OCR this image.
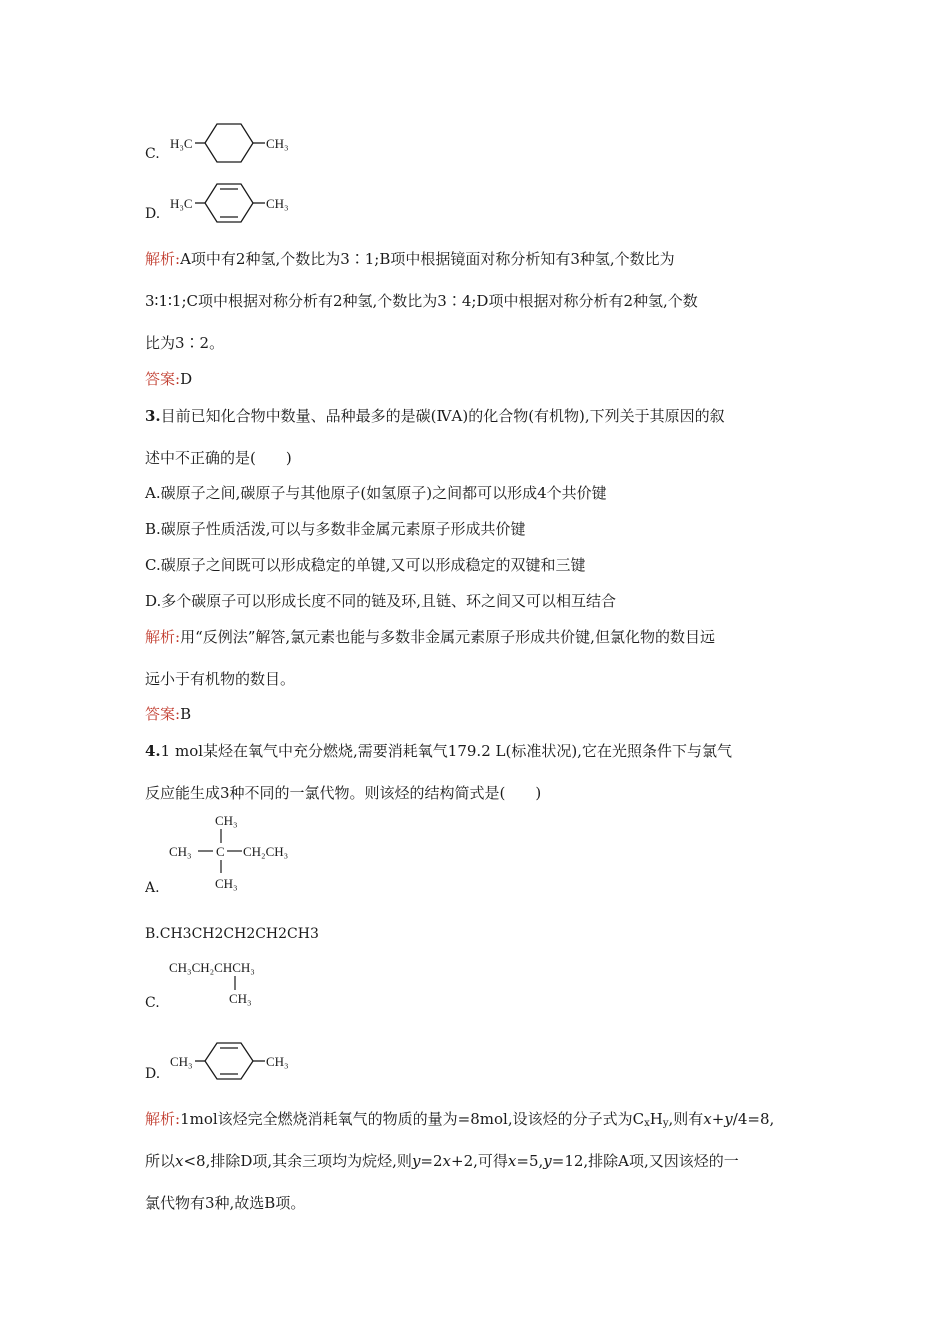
C.
H₃C	CH₃
D.
H₃C	CH₃
解析:A项中有2种氢,个数比为3∶1;B项中根据镜面对称分析知有3种氢,个数比为
3∶1∶1;C项中根据对称分析有2种氢,个数比为3∶4;D项中根据对称分析有2种氢,个数
比为3∶2。
答案:D
3.目前已知化合物中数量、品种最多的是碳(ⅣA)的化合物(有机物),下列关于其原因的叙
述中不正确的是(　　)
A.碳原子之间,碳原子与其他原子(如氢原子)之间都可以形成4个共价键
B.碳原子性质活泼,可以与多数非金属元素原子形成共价键
C.碳原子之间既可以形成稳定的单键,又可以形成稳定的双键和三键
D.多个碳原子可以形成长度不同的链及环,且链、环之间又可以相互结合
解析:用“反例法”解答,氯元素也能与多数非金属元素原子形成共价键,但氯化物的数目远
远小于有机物的数目。
答案:B
4.1 mol某烃在氧气中充分燃烧,需要消耗氧气179.2 L(标准状况),它在光照条件下与氯气
反应能生成3种不同的一氯代物。则该烃的结构简式是(　　)
CH₃
CH₃ C CH₂CH₃
CH₃
A.
B.CH3CH2CH2CH2CH3
CH₃CH₂CHCH₃
CH₃
C.
D.
CH₃	CH₃
解析:1mol该烃完全燃烧消耗氧气的物质的量为=8mol,设该烃的分子式为$C_xH_y$,则有x+y/4=8,
所以x<8,排除D项,其余三项均为烷烃,则y=2x+2,可得x=5,y=12,排除A项,又因该烃的一
氯代物有3种,故选B项。
